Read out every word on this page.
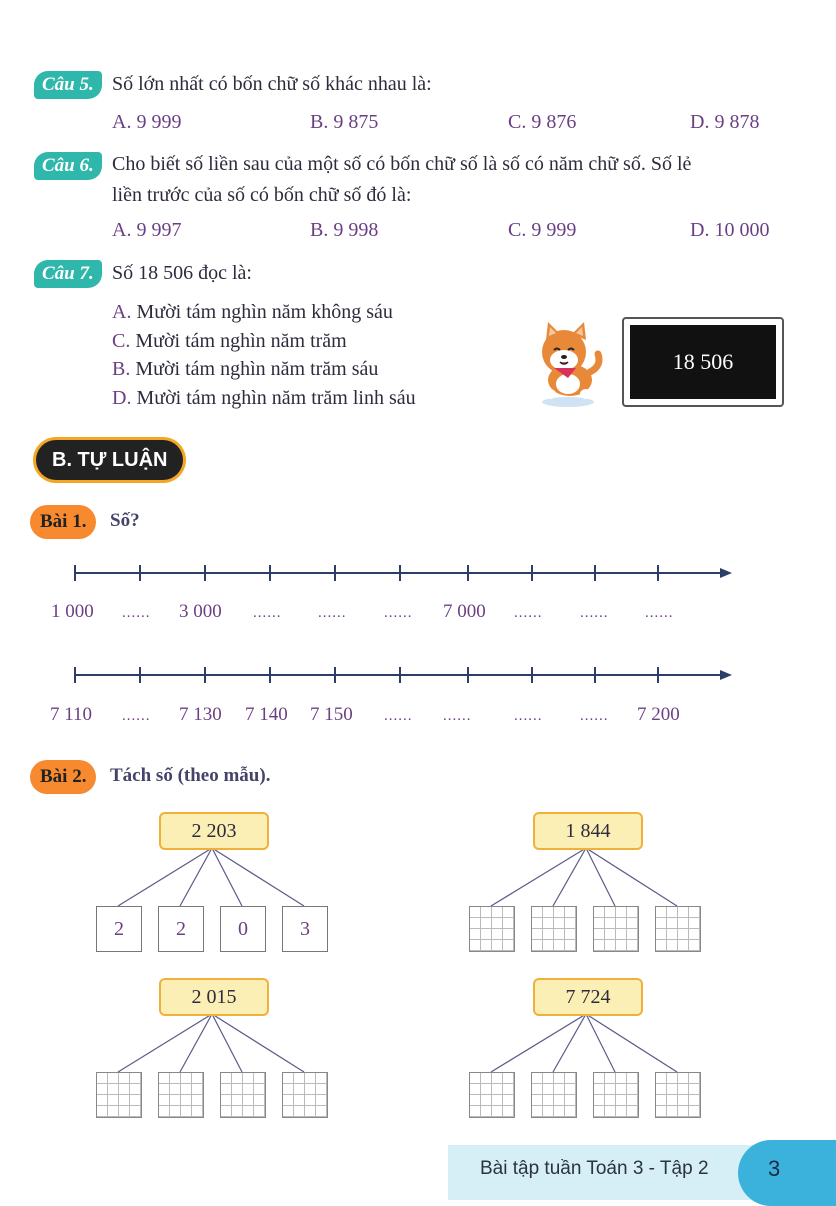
Câu 5. Số lớn nhất có bốn chữ số khác nhau là:
A. 9 999	B. 9 875	C. 9 876	D. 9 878
Câu 6. Cho biết số liền sau của một số có bốn chữ số là số có năm chữ số. Số lẻ
liền trước của số có bốn chữ số đó là:
A. 9 997	B. 9 998	C. 9 999	D. 10 000
Câu 7. Số 18 506 đọc là:
A. Mười tám nghìn năm không sáu
C. Mười tám nghìn năm trăm
B. Mười tám nghìn năm trăm sáu
D. Mười tám nghìn năm trăm linh sáu
18 506
B. TỰ LUẬN
Bài 1.	Số?
1 000 ...... 3 000 ...... ......	...... 7 000 ......	...... ......
7 110 ...... 7 130 7 140 7 150 ...... ......	......	...... 7 200
Bài 2.	Tách số (theo mẫu).
2 203
2	2	0	3
1 844
2 015	7 724
Bài tập tuần Toán 3 - Tập 2	3
